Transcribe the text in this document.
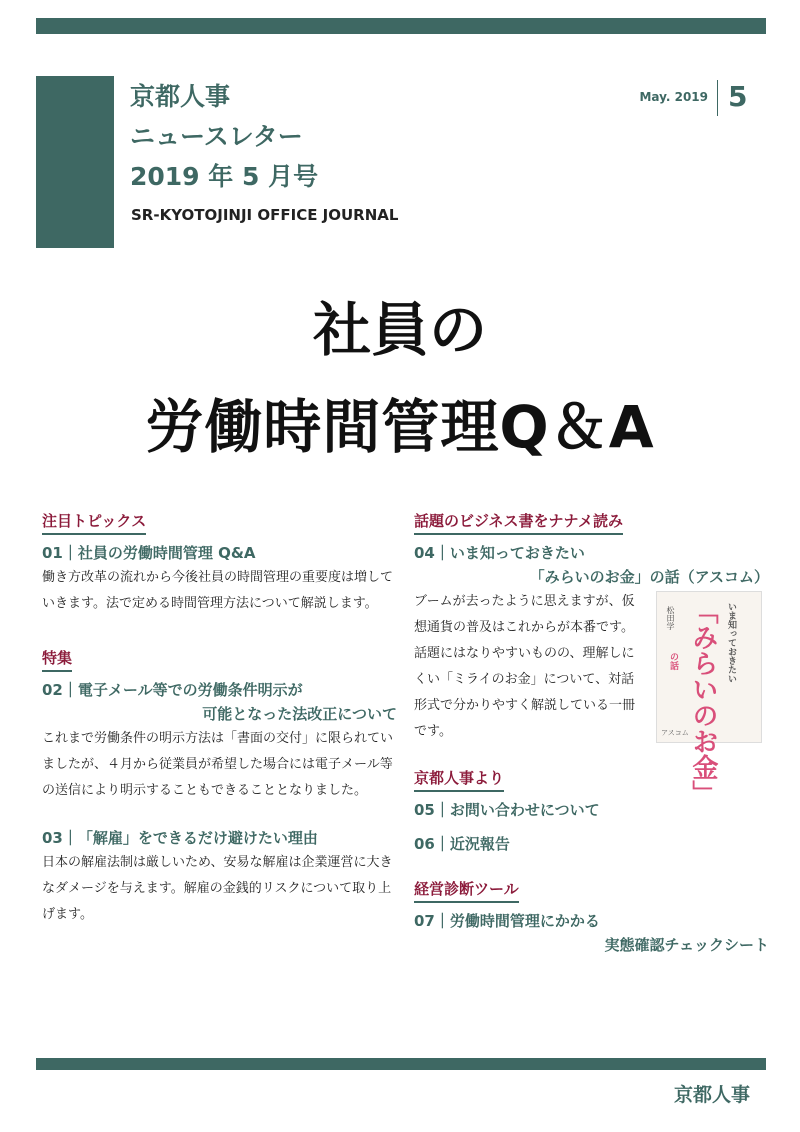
京都人事
ニュースレター
2019 年 5 月号
SR-KYOTOJINJI OFFICE JOURNAL
May. 2019 5
社員の
労働時間管理Q＆A
注目トピックス
01｜社員の労働時間管理 Q&A
働き方改革の流れから今後社員の時間管理の重要度は増していきます。法で定める時間管理方法について解説します。
特集
02｜電子メール等での労働条件明示が
可能となった法改正について
これまで労働条件の明示方法は「書面の交付」に限られていましたが、４月から従業員が希望した場合には電子メール等の送信により明示することもできることとなりました。
03｜「解雇」をできるだけ避けたい理由
日本の解雇法制は厳しいため、安易な解雇は企業運営に大きなダメージを与えます。解雇の金銭的リスクについて取り上げます。
話題のビジネス書をナナメ読み
04｜いま知っておきたい
「みらいのお金」の話（アスコム）
ブームが去ったように思えますが、仮想通貨の普及はこれからが本番です。話題にはなりやすいものの、理解しにくい「ミライのお金」について、対話形式で分かりやすく解説している一冊です。
いま知っておきたい
「みらいのお金」
の話
松田学
アスコム
京都人事より
05｜お問い合わせについて
06｜近況報告
経営診断ツール
07｜労働時間管理にかかる
実態確認チェックシート
京都人事
